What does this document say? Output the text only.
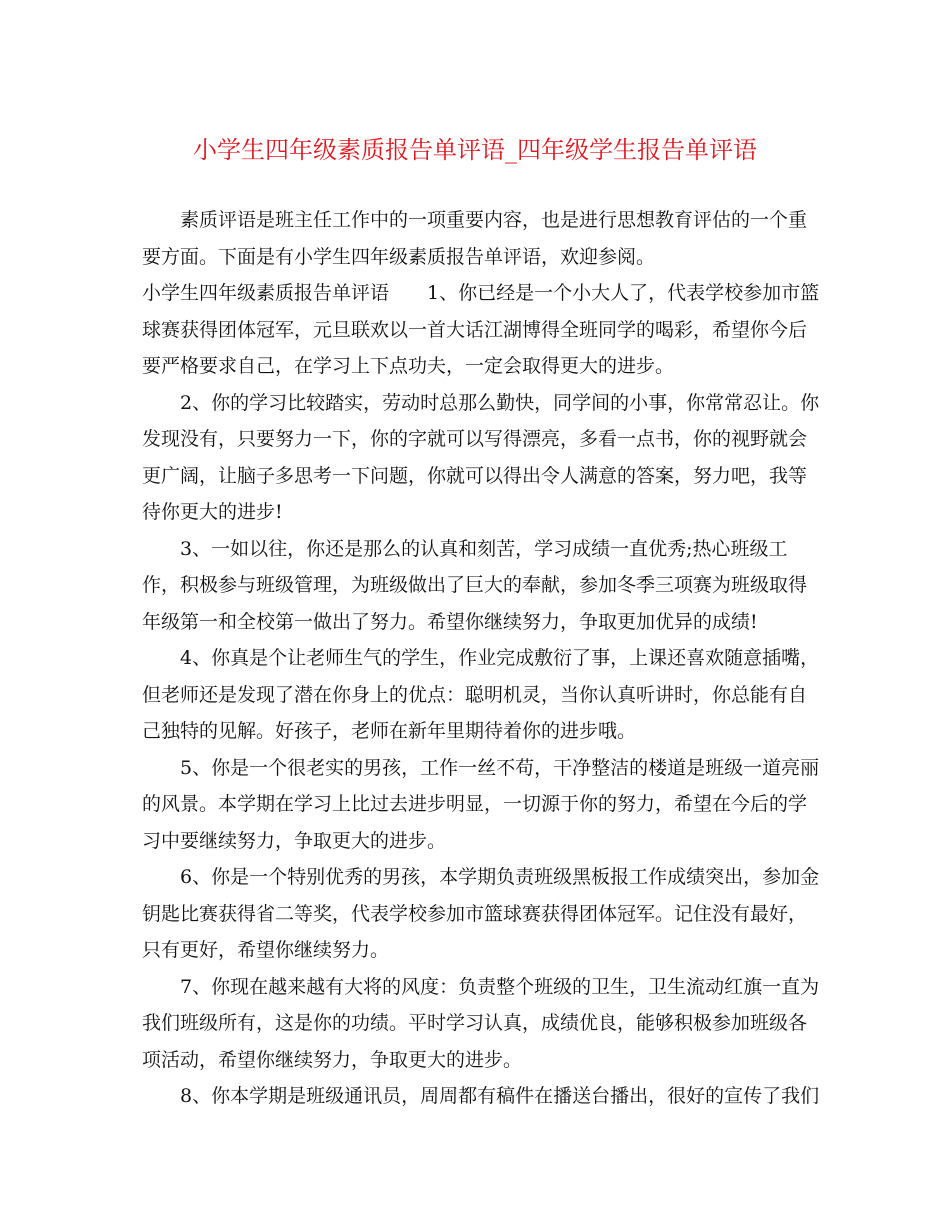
小学生四年级素质报告单评语_四年级学生报告单评语
素质评语是班主任工作中的一项重要内容，也是进行思想教育评估的一个重
要方面。下面是有小学生四年级素质报告单评语，欢迎参阅。
小学生四年级素质报告单评语　　1、你已经是一个小大人了，代表学校参加市篮
球赛获得团体冠军，元旦联欢以一首大话江湖博得全班同学的喝彩，希望你今后
要严格要求自己，在学习上下点功夫，一定会取得更大的进步。
2、你的学习比较踏实，劳动时总那么勤快，同学间的小事，你常常忍让。你
发现没有，只要努力一下，你的字就可以写得漂亮，多看一点书，你的视野就会
更广阔，让脑子多思考一下问题，你就可以得出令人满意的答案，努力吧，我等
待你更大的进步!
3、一如以往，你还是那么的认真和刻苦，学习成绩一直优秀;热心班级工
作，积极参与班级管理，为班级做出了巨大的奉献，参加冬季三项赛为班级取得
年级第一和全校第一做出了努力。希望你继续努力，争取更加优异的成绩!
4、你真是个让老师生气的学生，作业完成敷衍了事，上课还喜欢随意插嘴，
但老师还是发现了潜在你身上的优点：聪明机灵，当你认真听讲时，你总能有自
己独特的见解。好孩子，老师在新年里期待着你的进步哦。
5、你是一个很老实的男孩，工作一丝不苟，干净整洁的楼道是班级一道亮丽
的风景。本学期在学习上比过去进步明显，一切源于你的努力，希望在今后的学
习中要继续努力，争取更大的进步。
6、你是一个特别优秀的男孩，本学期负责班级黑板报工作成绩突出，参加金
钥匙比赛获得省二等奖，代表学校参加市篮球赛获得团体冠军。记住没有最好，
只有更好，希望你继续努力。
7、你现在越来越有大将的风度：负责整个班级的卫生，卫生流动红旗一直为
我们班级所有，这是你的功绩。平时学习认真，成绩优良，能够积极参加班级各
项活动，希望你继续努力，争取更大的进步。
8、你本学期是班级通讯员，周周都有稿件在播送台播出，很好的宣传了我们
